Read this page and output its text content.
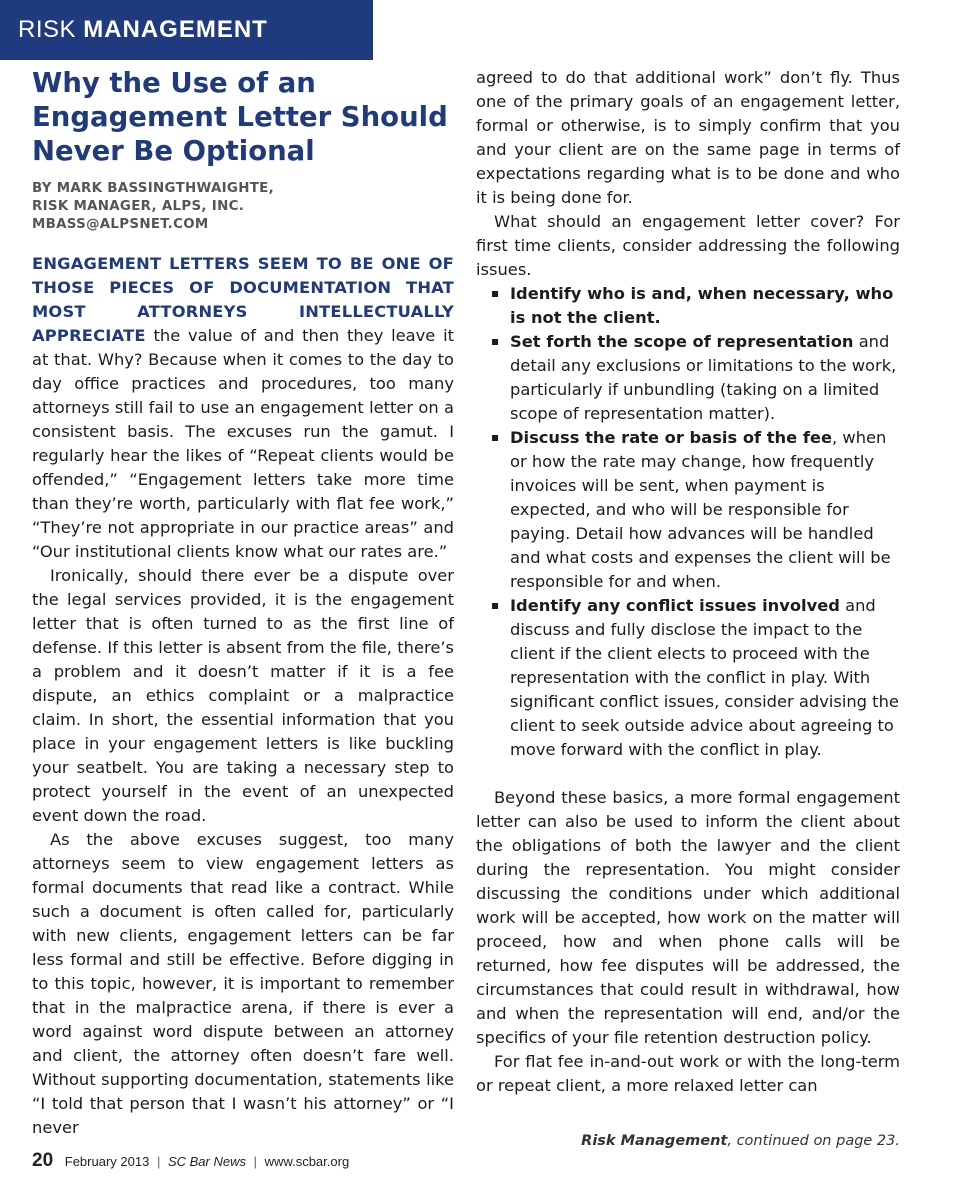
RISK MANAGEMENT
Why the Use of an Engagement Letter Should Never Be Optional
BY MARK BASSINGTHWAIGHTE,
RISK MANAGER, ALPS, INC.
MBASS@ALPSNET.COM

ENGAGEMENT LETTERS SEEM TO BE ONE OF THOSE PIECES OF DOCUMENTATION THAT MOST ATTORNEYS INTELLECTUALLY APPRECIATE the value of and then they leave it at that. Why? Because when it comes to the day to day office practices and procedures, too many attorneys still fail to use an engagement letter on a consistent basis. The excuses run the gamut. I regularly hear the likes of “Repeat clients would be offended,” “Engagement letters take more time than they’re worth, particularly with flat fee work,” “They’re not appropriate in our practice areas” and “Our institutional clients know what our rates are.”

Ironically, should there ever be a dispute over the legal services provided, it is the engagement letter that is often turned to as the first line of defense. If this letter is absent from the file, there’s a problem and it doesn’t matter if it is a fee dispute, an ethics complaint or a malpractice claim. In short, the essential information that you place in your engagement letters is like buckling your seatbelt. You are taking a necessary step to protect yourself in the event of an unexpected event down the road.

As the above excuses suggest, too many attorneys seem to view engagement letters as formal documents that read like a contract. While such a document is often called for, particularly with new clients, engagement letters can be far less formal and still be effective. Before digging in to this topic, however, it is important to remember that in the malpractice arena, if there is ever a word against word dispute between an attorney and client, the attorney often doesn’t fare well. Without supporting documentation, statements like “I told that person that I wasn’t his attorney” or “I never

agreed to do that additional work” don’t fly. Thus one of the primary goals of an engagement letter, formal or otherwise, is to simply confirm that you and your client are on the same page in terms of expectations regarding what is to be done and who it is being done for.

What should an engagement letter cover? For first time clients, consider addressing the following issues.

Identify who is and, when necessary, who is not the client.
Set forth the scope of representation and detail any exclusions or limitations to the work, particularly if unbundling (taking on a limited scope of representation matter).
Discuss the rate or basis of the fee, when or how the rate may change, how frequently invoices will be sent, when payment is expected, and who will be responsible for paying. Detail how advances will be handled and what costs and expenses the client will be responsible for and when.
Identify any conflict issues involved and discuss and fully disclose the impact to the client if the client elects to proceed with the representation with the conflict in play. With significant conflict issues, consider advising the client to seek outside advice about agreeing to move forward with the conflict in play.

Beyond these basics, a more formal engagement letter can also be used to inform the client about the obligations of both the lawyer and the client during the representation. You might consider discussing the conditions under which additional work will be accepted, how work on the matter will proceed, how and when phone calls will be returned, how fee disputes will be addressed, the circumstances that could result in withdrawal, how and when the representation will end, and/or the specifics of your file retention destruction policy.

For flat fee in-and-out work or with the long-term or repeat client, a more relaxed letter can

Risk Management, continued on page 23.
20 February 2013 | SC Bar News | www.scbar.org
